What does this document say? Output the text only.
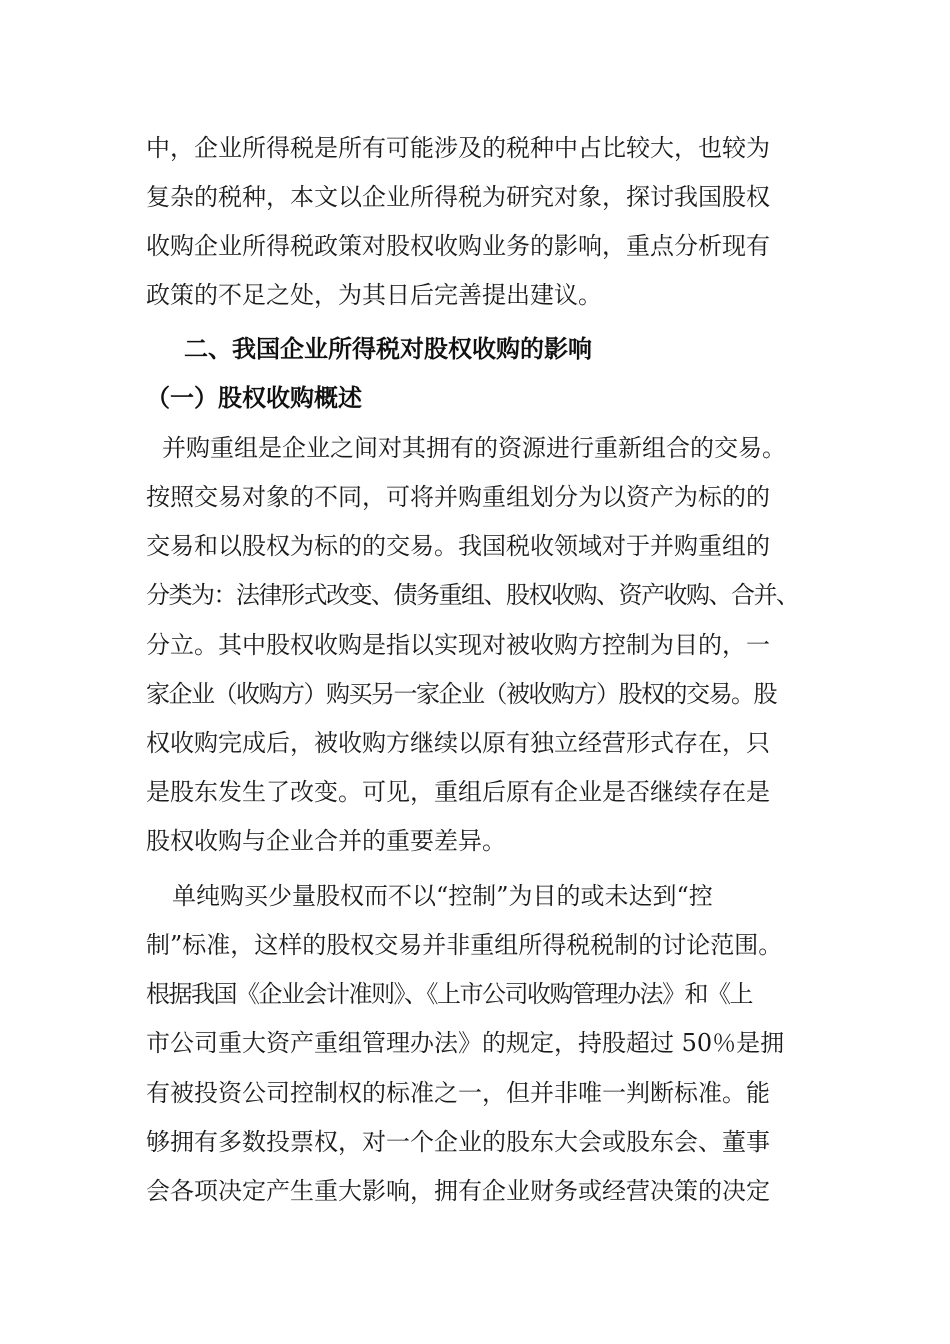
中，企业所得税是所有可能涉及的税种中占比较大，也较为
复杂的税种，本文以企业所得税为研究对象，探讨我国股权
收购企业所得税政策对股权收购业务的影响，重点分析现有
政策的不足之处，为其日后完善提出建议。
二、我国企业所得税对股权收购的影响
（一）股权收购概述
并购重组是企业之间对其拥有的资源进行重新组合的交易。
按照交易对象的不同，可将并购重组划分为以资产为标的的
交易和以股权为标的的交易。我国税收领域对于并购重组的
分类为：法律形式改变、债务重组、股权收购、资产收购、合并、
分立。其中股权收购是指以实现对被收购方控制为目的，一
家企业（收购方）购买另一家企业（被收购方）股权的交易。股
权收购完成后，被收购方继续以原有独立经营形式存在，只
是股东发生了改变。可见，重组后原有企业是否继续存在是
股权收购与企业合并的重要差异。
单纯购买少量股权而不以“控制”为目的或未达到“控
制”标准，这样的股权交易并非重组所得税税制的讨论范围。
根据我国《企业会计准则》、《上市公司收购管理办法》和《上
市公司重大资产重组管理办法》的规定，持股超过 50％是拥
有被投资公司控制权的标准之一，但并非唯一判断标准。能
够拥有多数投票权，对一个企业的股东大会或股东会、董事
会各项决定产生重大影响，拥有企业财务或经营决策的决定
